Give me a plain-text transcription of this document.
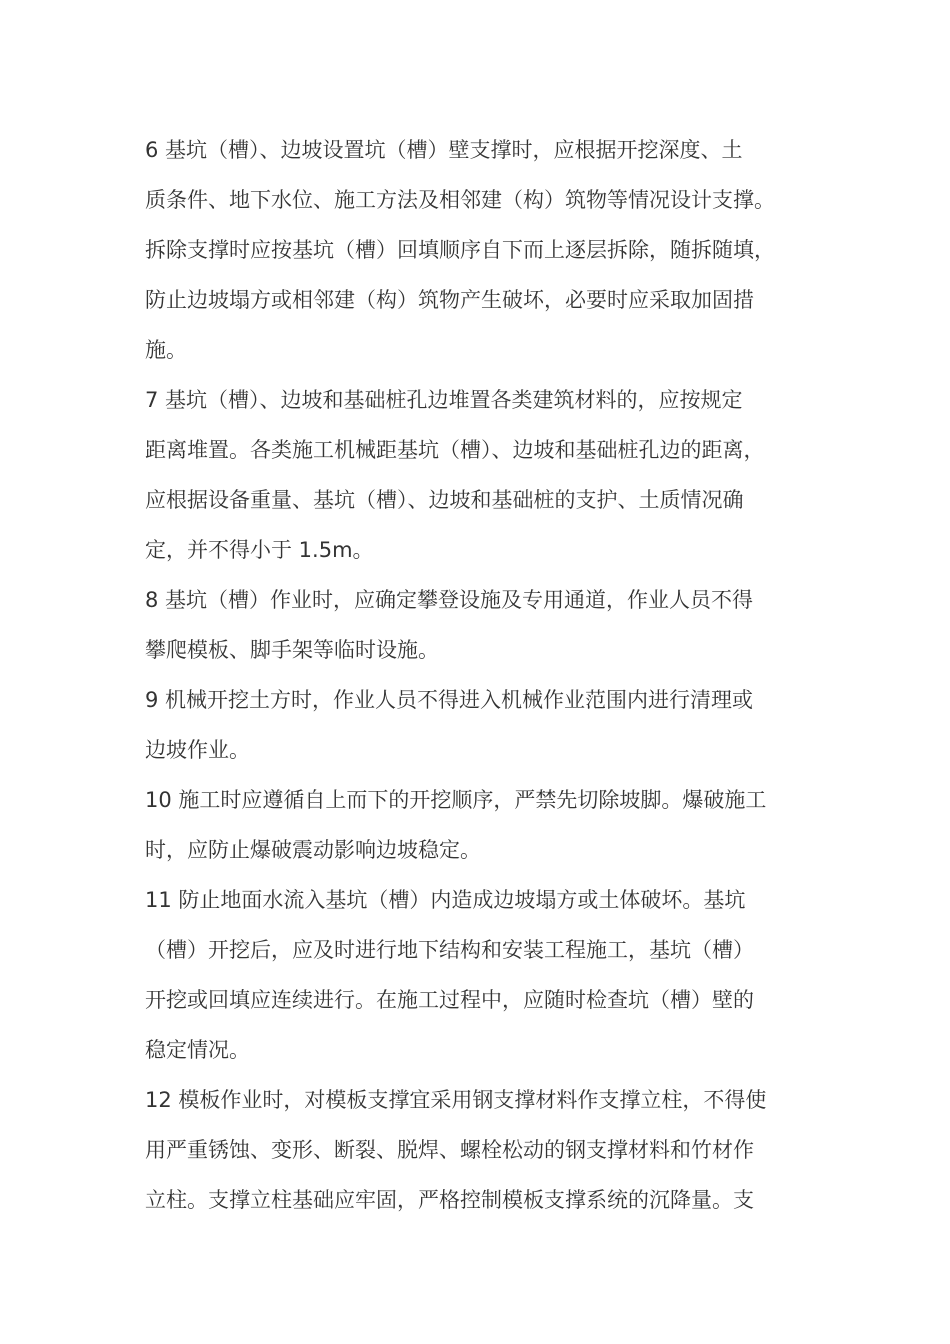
6 基坑（槽）、边坡设置坑（槽）壁支撑时，应根据开挖深度、土
质条件、地下水位、施工方法及相邻建（构）筑物等情况设计支撑。
拆除支撑时应按基坑（槽）回填顺序自下而上逐层拆除，随拆随填，
防止边坡塌方或相邻建（构）筑物产生破坏，必要时应采取加固措
施。
7 基坑（槽）、边坡和基础桩孔边堆置各类建筑材料的，应按规定
距离堆置。各类施工机械距基坑（槽）、边坡和基础桩孔边的距离，
应根据设备重量、基坑（槽）、边坡和基础桩的支护、土质情况确
定，并不得小于 1.5m。
8 基坑（槽）作业时，应确定攀登设施及专用通道，作业人员不得
攀爬模板、脚手架等临时设施。
9 机械开挖土方时，作业人员不得进入机械作业范围内进行清理或
边坡作业。
10 施工时应遵循自上而下的开挖顺序，严禁先切除坡脚。爆破施工
时，应防止爆破震动影响边坡稳定。
11 防止地面水流入基坑（槽）内造成边坡塌方或土体破坏。基坑
（槽）开挖后，应及时进行地下结构和安装工程施工，基坑（槽）
开挖或回填应连续进行。在施工过程中，应随时检查坑（槽）壁的
稳定情况。
12 模板作业时，对模板支撑宜采用钢支撑材料作支撑立柱，不得使
用严重锈蚀、变形、断裂、脱焊、螺栓松动的钢支撑材料和竹材作
立柱。支撑立柱基础应牢固，严格控制模板支撑系统的沉降量。支
